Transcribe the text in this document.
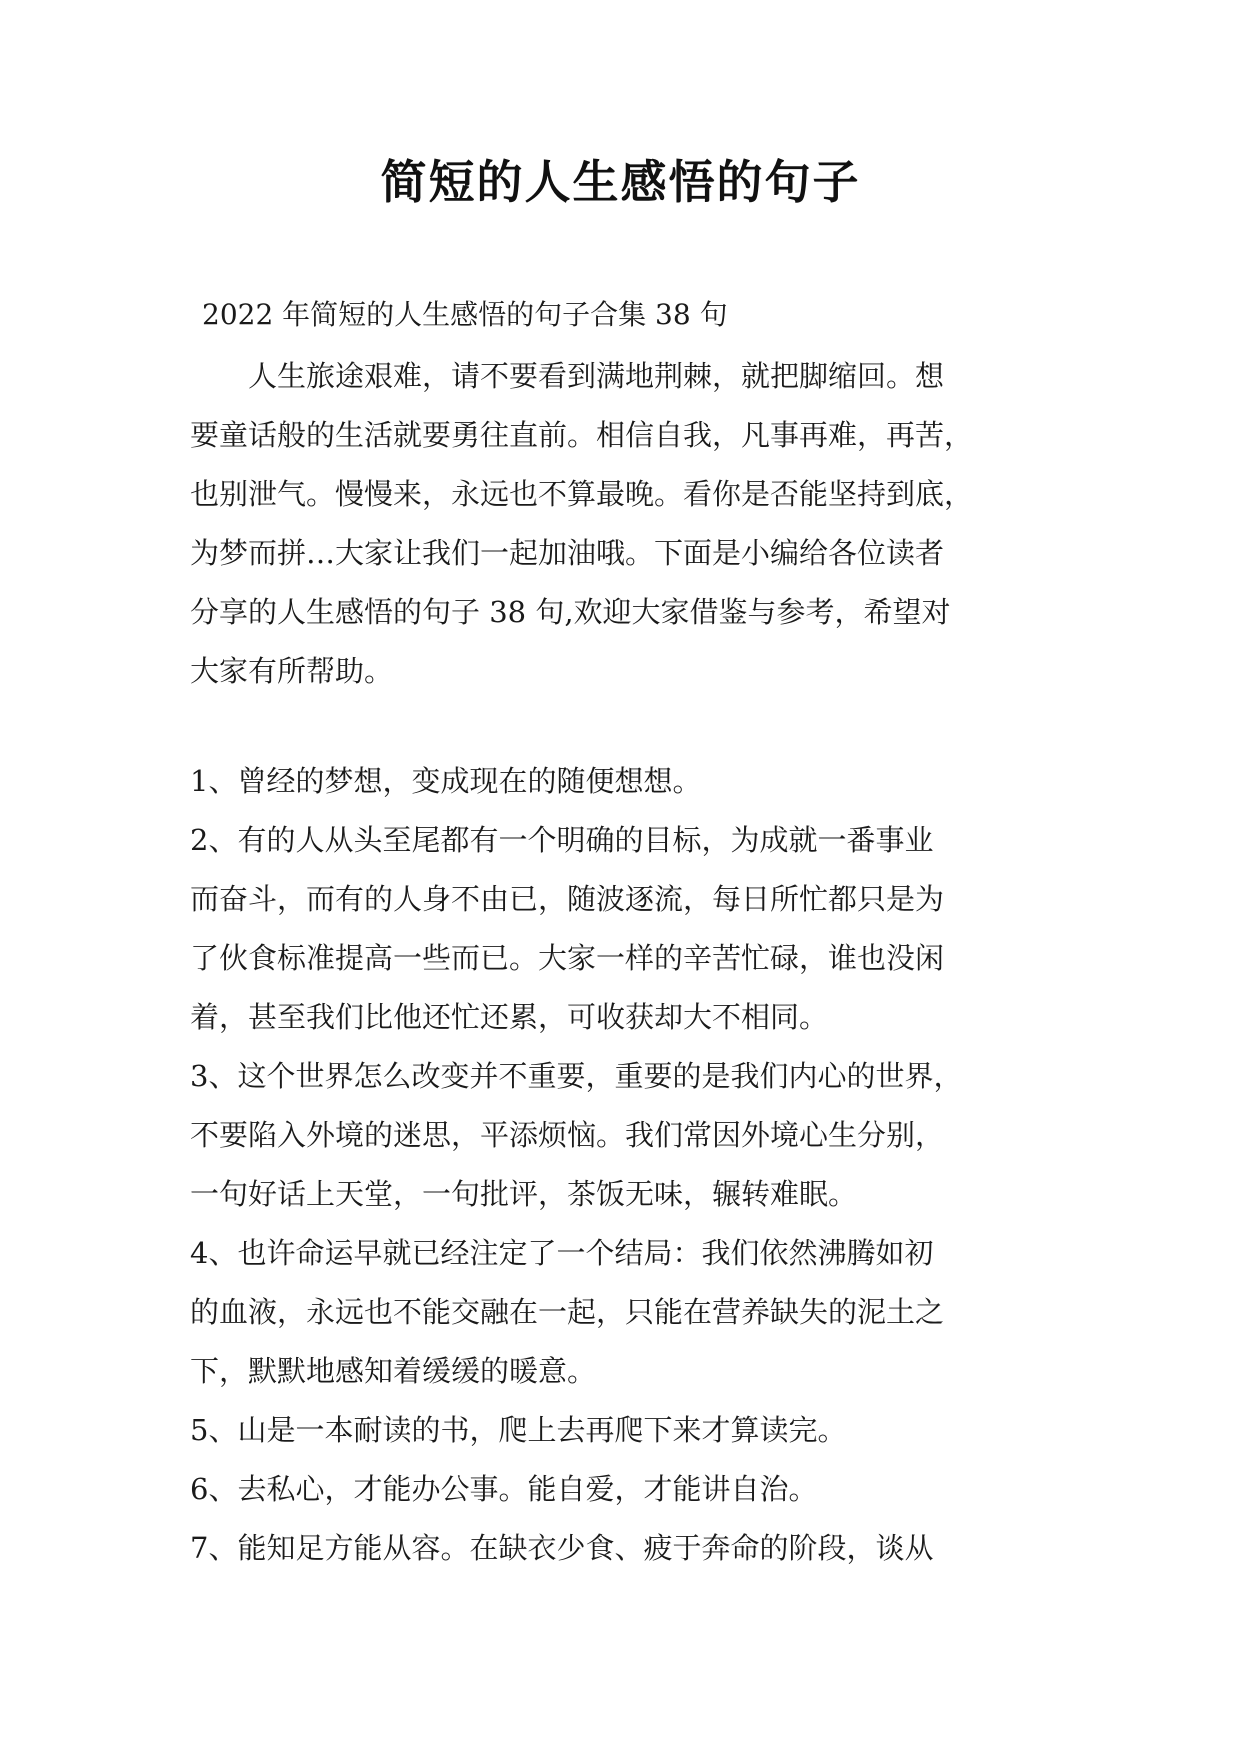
简短的人生感悟的句子
2022 年简短的人生感悟的句子合集 38 句
　　人生旅途艰难，请不要看到满地荆棘，就把脚缩回。想
要童话般的生活就要勇往直前。相信自我，凡事再难，再苦，
也别泄气。慢慢来，永远也不算最晚。看你是否能坚持到底，
为梦而拼…大家让我们一起加油哦。下面是小编给各位读者
分享的人生感悟的句子 38 句,欢迎大家借鉴与参考，希望对
大家有所帮助。
1、曾经的梦想，变成现在的随便想想。
2、有的人从头至尾都有一个明确的目标，为成就一番事业
而奋斗，而有的人身不由已，随波逐流，每日所忙都只是为
了伙食标准提高一些而已。大家一样的辛苦忙碌，谁也没闲
着，甚至我们比他还忙还累，可收获却大不相同。
3、这个世界怎么改变并不重要，重要的是我们内心的世界，
不要陷入外境的迷思，平添烦恼。我们常因外境心生分别，
一句好话上天堂，一句批评，茶饭无味，辗转难眠。
4、也许命运早就已经注定了一个结局：我们依然沸腾如初
的血液，永远也不能交融在一起，只能在营养缺失的泥土之
下，默默地感知着缓缓的暖意。
5、山是一本耐读的书，爬上去再爬下来才算读完。
6、去私心，才能办公事。能自爱，才能讲自治。
7、能知足方能从容。在缺衣少食、疲于奔命的阶段，谈从
